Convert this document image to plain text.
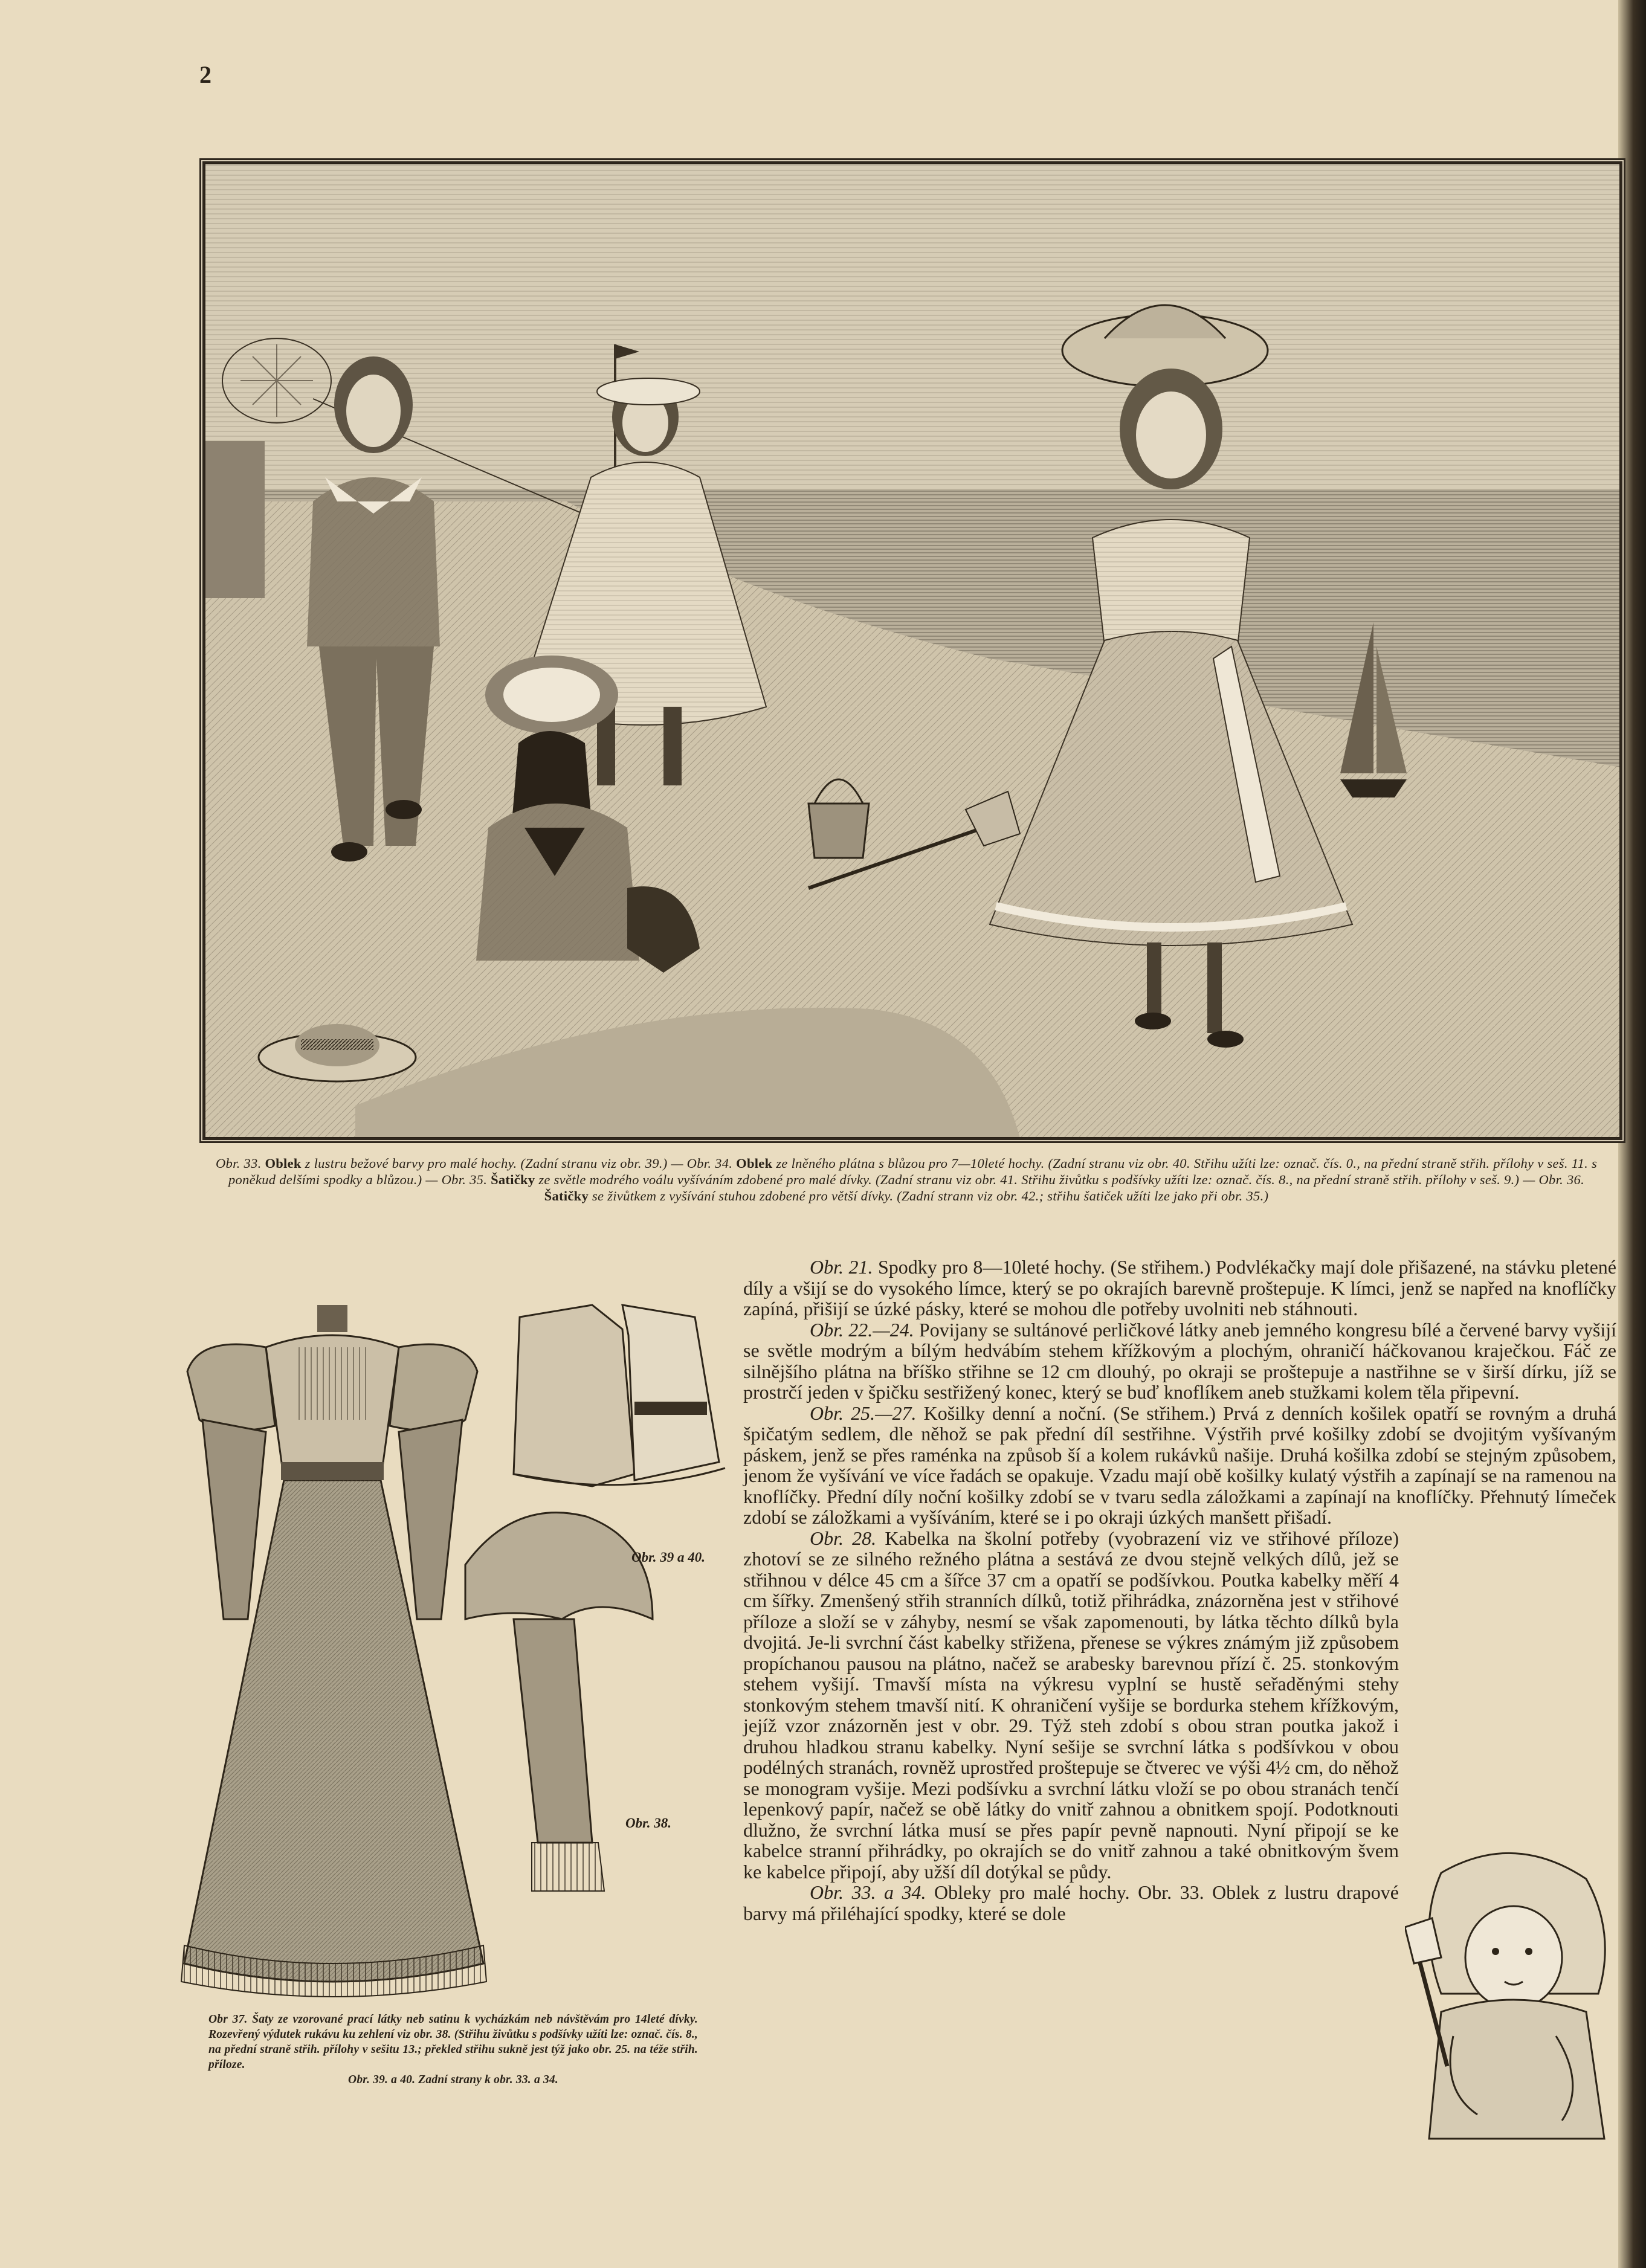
2
Obr. 33. Oblek z lustru bežové barvy pro malé hochy. (Zadní stranu viz obr. 39.) — Obr. 34. Oblek ze lněného plátna s blůzou pro 7—10leté hochy. (Zadní stranu viz obr. 40. Střihu užíti lze: označ. čís. 0., na přední straně střih. přílohy v seš. 11. s poněkud delšími spodky a blůzou.) — Obr. 35. Šatičky ze světle modrého voálu vyšíváním zdobené pro malé dívky. (Zadní stranu viz obr. 41. Střihu živůtku s podšívky užíti lze: označ. čís. 8., na přední straně střih. přílohy v seš. 9.) — Obr. 36. Šatičky se živůtkem z vyšívání stuhou zdobené pro větší dívky. (Zadní strann viz obr. 42.; střihu šatiček užíti lze jako při obr. 35.)
Obr. 39 a 40.
Obr. 38.
Obr 37. Šaty ze vzorované prací látky neb satinu k vycházkám neb návštěvám pro 14leté dívky. Rozevřený výdutek rukávu ku zehlení viz obr. 38. (Střihu živůtku s podšívky užíti lze: označ. čís. 8., na přední straně střih. přílohy v sešitu 13.; překled střihu sukně jest týž jako obr. 25. na téže střih. příloze.
Obr. 39. a 40. Zadní strany k obr. 33. a 34.

Obr. 21. Spodky pro 8—10leté hochy. (Se střihem.) Podvlékačky mají dole přišazené, na stávku pletené díly a všijí se do vysokého límce, který se po okrajích barevně proštepuje. K límci, jenž se napřed na knoflíčky zapíná, přišijí se úzké pásky, které se mohou dle potřeby uvolniti neb stáhnouti.

Obr. 22.—24. Povijany se sultánové perličkové látky aneb jemného kongresu bílé a červené barvy vyšijí se světle modrým a bílým hedvábím stehem křížkovým a plochým, ohraničí háčkovanou kraječkou. Fáč ze silnějšího plátna na bříško střihne se 12 cm dlouhý, po okraji se proštepuje a nastřihne se v širší dírku, jíž se prostrčí jeden v špičku sestřižený konec, který se buď knoflíkem aneb stužkami kolem těla připevní.

Obr. 25.—27. Košilky denní a noční. (Se střihem.) Prvá z denních košilek opatří se rovným a druhá špičatým sedlem, dle něhož se pak přední díl sestřihne. Výstřih prvé košilky zdobí se dvojitým vyšívaným páskem, jenž se přes raménka na způsob ší a kolem rukávků našije. Druhá košilka zdobí se stejným způsobem, jenom že vyšívání ve více řadách se opakuje. Vzadu mají obě košilky kulatý výstřih a zapínají se na ramenou na knoflíčky. Přední díly noční košilky zdobí se v tvaru sedla záložkami a zapínají na knoflíčky. Přehnutý límeček zdobí se záložkami a vyšíváním, které se i po okraji úzkých manšett přišadí.

Obr. 28. Kabelka na školní potřeby (vyobrazení viz ve střihové příloze) zhotoví se ze silného režného plátna a sestává ze dvou stejně velkých dílů, jež se střihnou v délce 45 cm a šířce 37 cm a opatří se podšívkou. Poutka kabelky měří 4 cm šířky. Zmenšený střih stranních dílků, totiž přihrádka, znázorněna jest v střihové příloze a složí se v záhyby, nesmí se však zapomenouti, by látka těchto dílků byla dvojitá. Je-li svrchní část kabelky střižena, přenese se výkres známým již způsobem propíchanou pausou na plátno, načež se arabesky barevnou přízí č. 25. stonkovým stehem vyšijí. Tmavší místa na výkresu vyplní se hustě seřaděnými stehy stonkovým stehem tmavší nití. K ohraničení vyšije se bordurka stehem křížkovým, jejíž vzor znázorněn jest v obr. 29. Týž steh zdobí s obou stran poutka jakož i druhou hladkou stranu kabelky. Nyní sešije se svrchní látka s podšívkou v obou podélných stranách, rovněž uprostřed proštepuje se čtverec ve výši 4½ cm, do něhož se monogram vyšije. Mezi podšívku a svrchní látku vloží se po obou stranách tenčí lepenkový papír, načež se obě látky do vnitř zahnou a obnitkem spojí. Podotknouti dlužno, že svrchní látka musí se přes papír pevně napnouti. Nyní připojí se ke kabelce stranní přihrádky, po okrajích se do vnitř zahnou a také obnitkovým švem ke kabelce připojí, aby užší díl dotýkal se půdy.

Obr. 33. a 34. Obleky pro malé hochy. Obr. 33. Oblek z lustru drapové barvy má přiléhající spodky, které se dole
